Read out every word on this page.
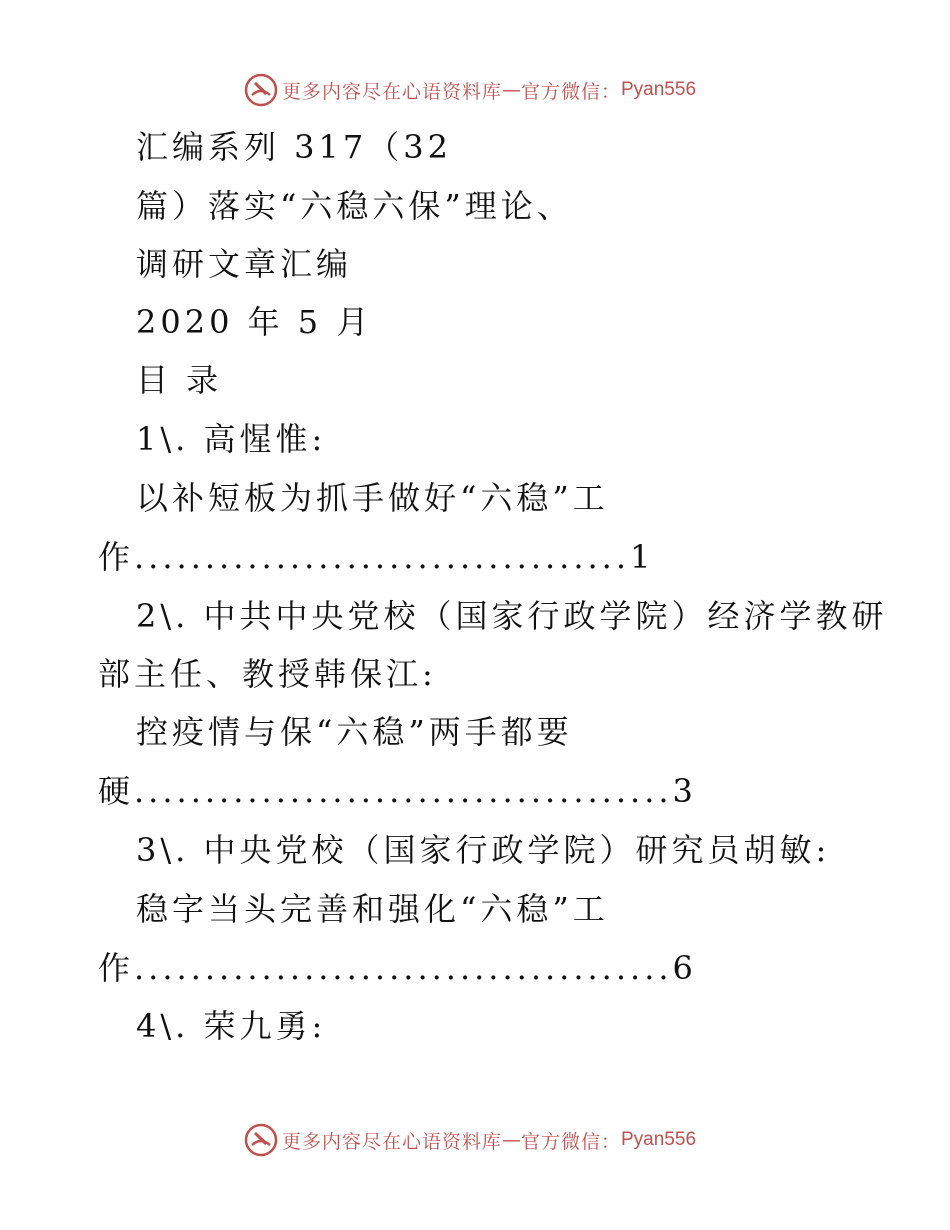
更多内容尽在心语资料库 — 官方微信： Pyan556
汇编系列 317（32
篇）落实“六稳六保”理论、
调研文章汇编
2020 年 5 月
目 录
1\. 高惺惟:
以补短板为抓手做好“六稳”工
作...................................1
2\. 中共中央党校（国家行政学院）经济学教研
部主任、教授韩保江:
控疫情与保“六稳”两手都要
硬......................................3
3\. 中央党校（国家行政学院）研究员胡敏:
稳字当头完善和强化“六稳”工
作......................................6
4\. 荣九勇:
更多内容尽在心语资料库 — 官方微信： Pyan556
